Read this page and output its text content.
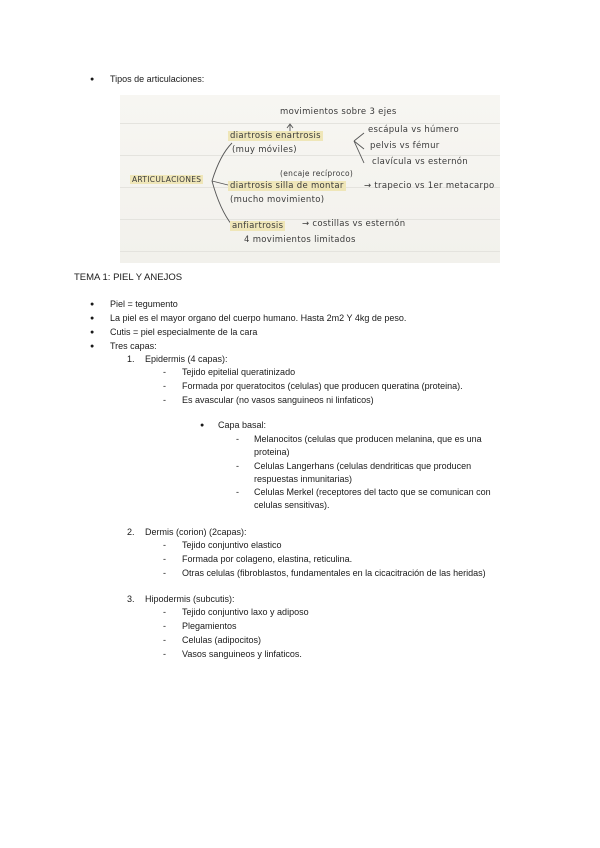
● Tipos de articulaciones:
movimientos sobre 3 ejes
ARTICULACIONES
diartrosis enartrosis
(muy móviles)
escápula vs húmero
pelvis vs fémur
clavícula vs esternón
(encaje recíproco)
diartrosis silla de montar → trapecio vs 1er metacarpo
(mucho movimiento)
anfiartrosis → costillas vs esternón
4 movimientos limitados
TEMA 1: PIEL Y ANEJOS
● Piel = tegumento
● La piel es el mayor organo del cuerpo humano. Hasta 2m2 Y 4kg de peso.
● Cutis = piel especialmente de la cara
● Tres capas:
1. Epidermis (4 capas):
- Tejido epitelial queratinizado
- Formada por queratocitos (celulas) que producen queratina (proteina).
- Es avascular (no vasos sanguineos ni linfaticos)
● Capa basal:
- Melanocitos (celulas que producen melanina, que es una
proteina)
- Celulas Langerhans (celulas dendriticas que producen
respuestas inmunitarias)
- Celulas Merkel (receptores del tacto que se comunican con
celulas sensitivas).
2. Dermis (corion) (2capas):
- Tejido conjuntivo elastico
- Formada por colageno, elastina, reticulina.
- Otras celulas (fibroblastos, fundamentales en la cicacitración de las heridas)
3. Hipodermis (subcutis):
- Tejido conjuntivo laxo y adiposo
- Plegamientos
- Celulas (adipocitos)
- Vasos sanguineos y linfaticos.
